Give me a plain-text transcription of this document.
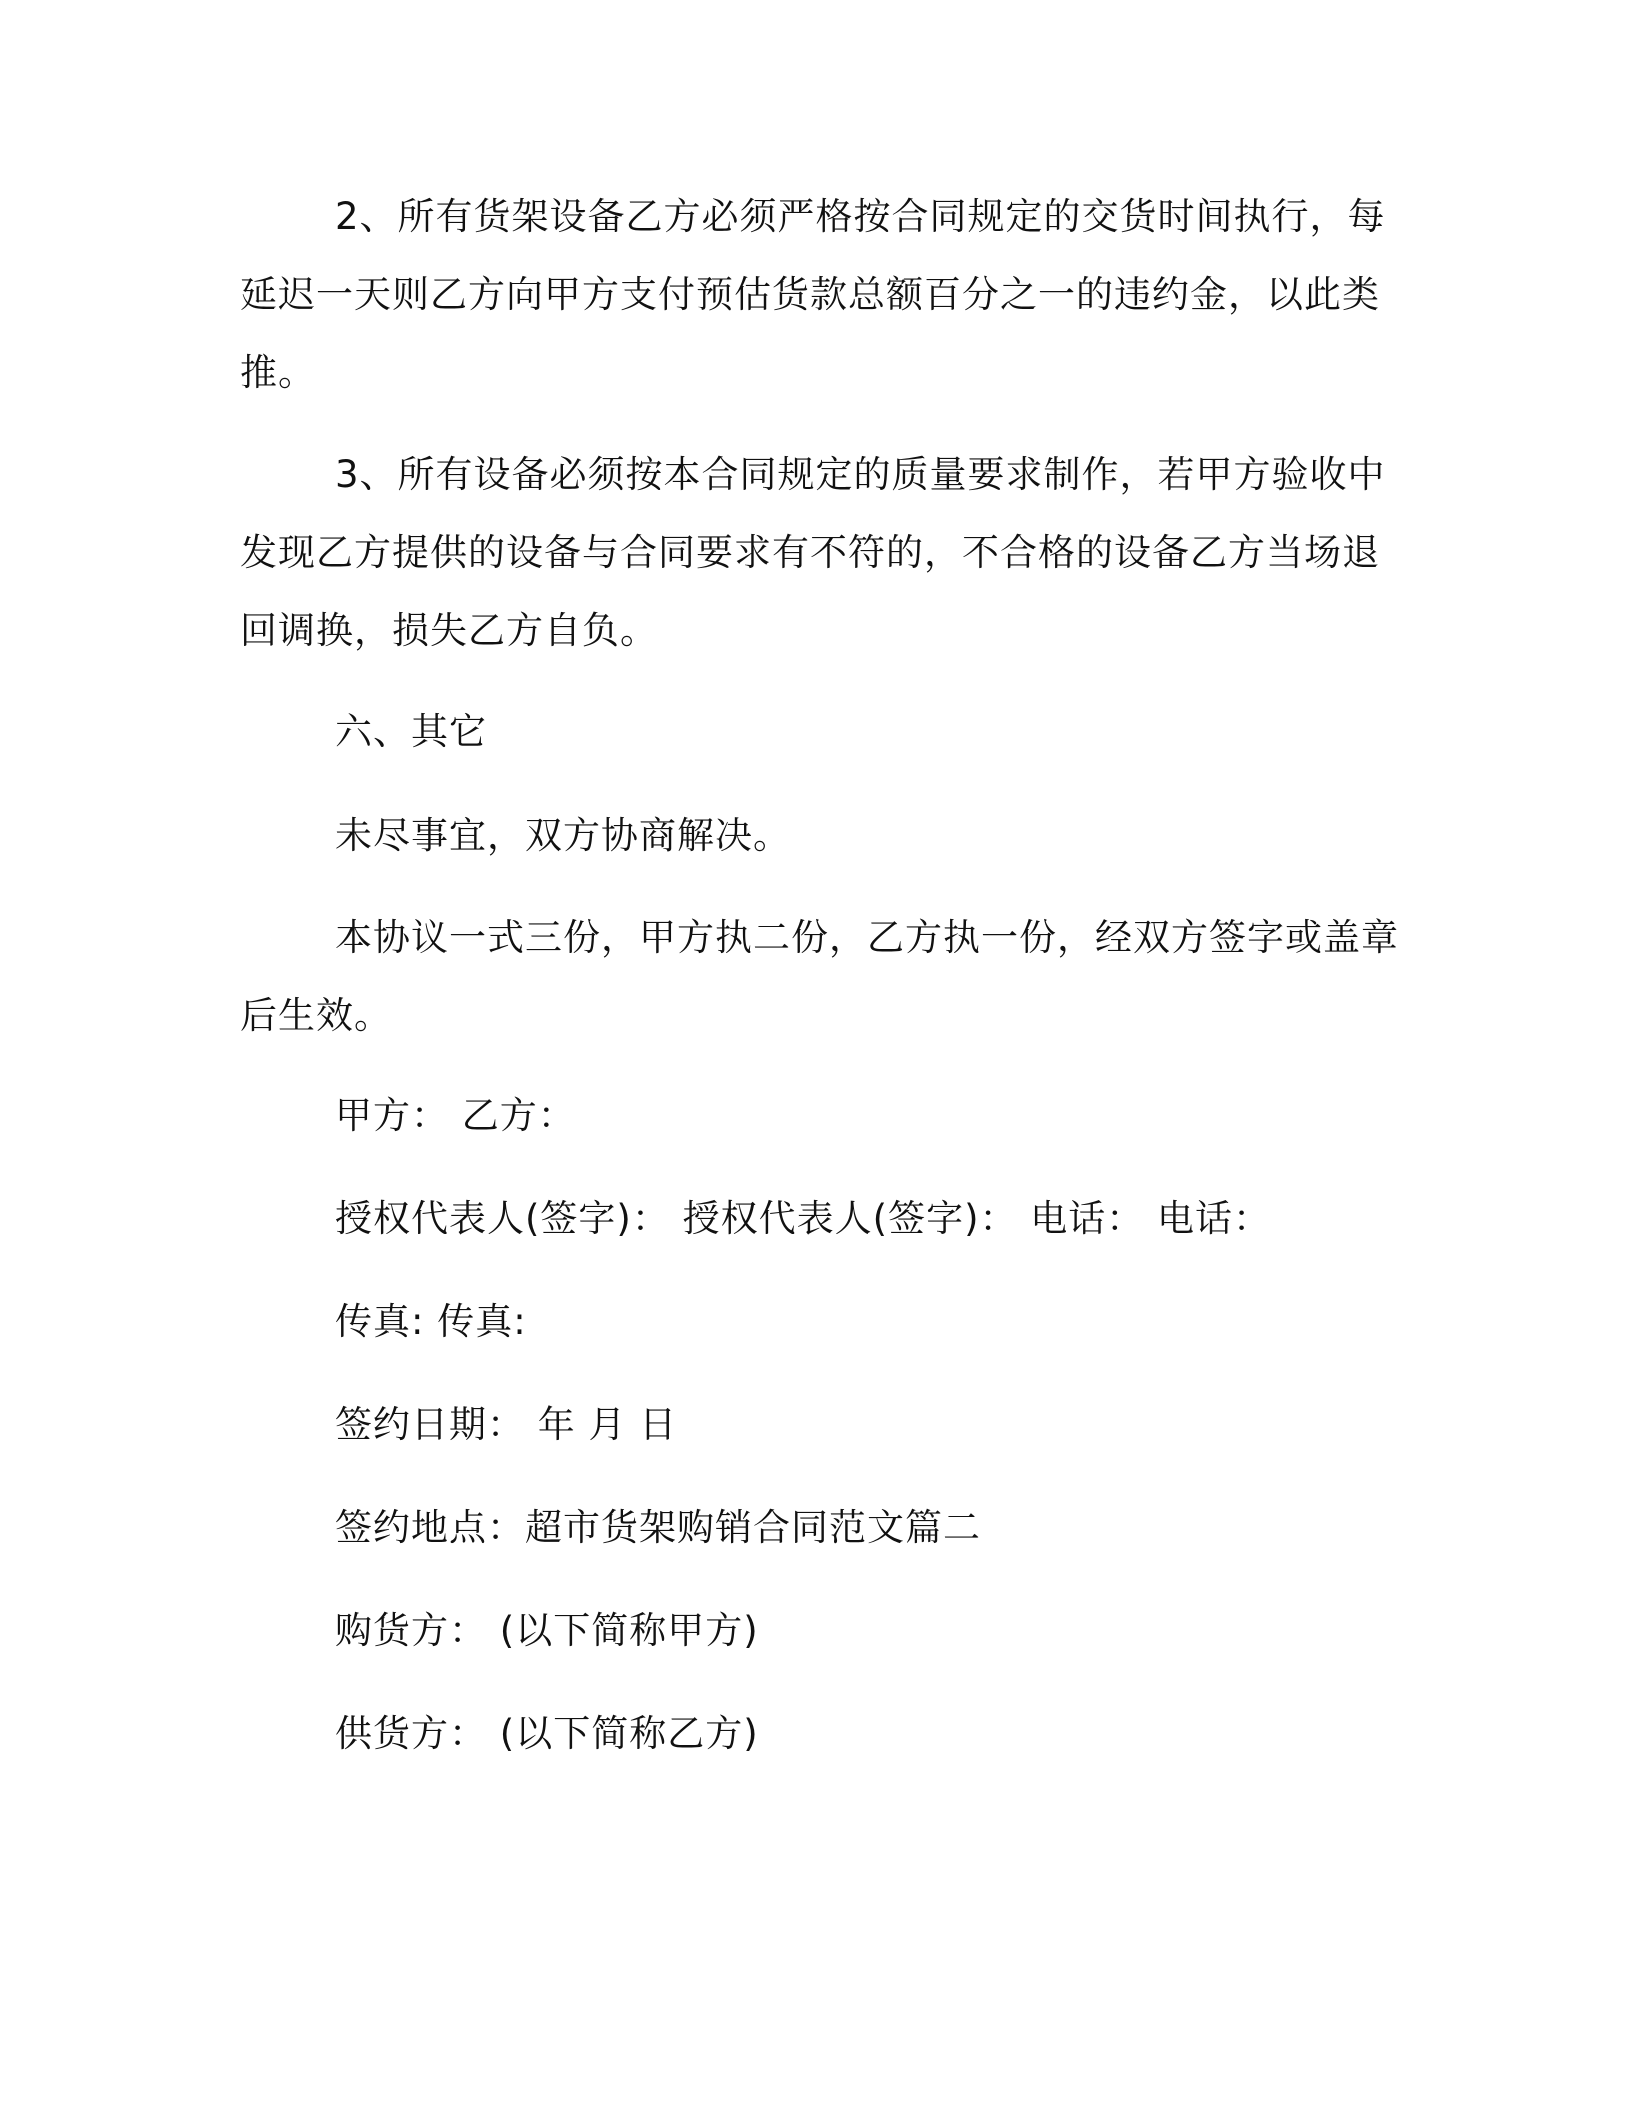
2、所有货架设备乙方必须严格按合同规定的交货时间执行，每
延迟一天则乙方向甲方支付预估货款总额百分之一的违约金，以此类
推。
3、所有设备必须按本合同规定的质量要求制作，若甲方验收中
发现乙方提供的设备与合同要求有不符的，不合格的设备乙方当场退
回调换，损失乙方自负。

六、其它

未尽事宜，双方协商解决。

本协议一式三份，甲方执二份，乙方执一份，经双方签字或盖章
后生效。

甲方： 乙方：

授权代表人(签字)： 授权代表人(签字)： 电话： 电话：

传真: 传真:

签约日期： 年 月 日

签约地点：超市货架购销合同范文篇二

购货方： (以下简称甲方)

供货方： (以下简称乙方)
